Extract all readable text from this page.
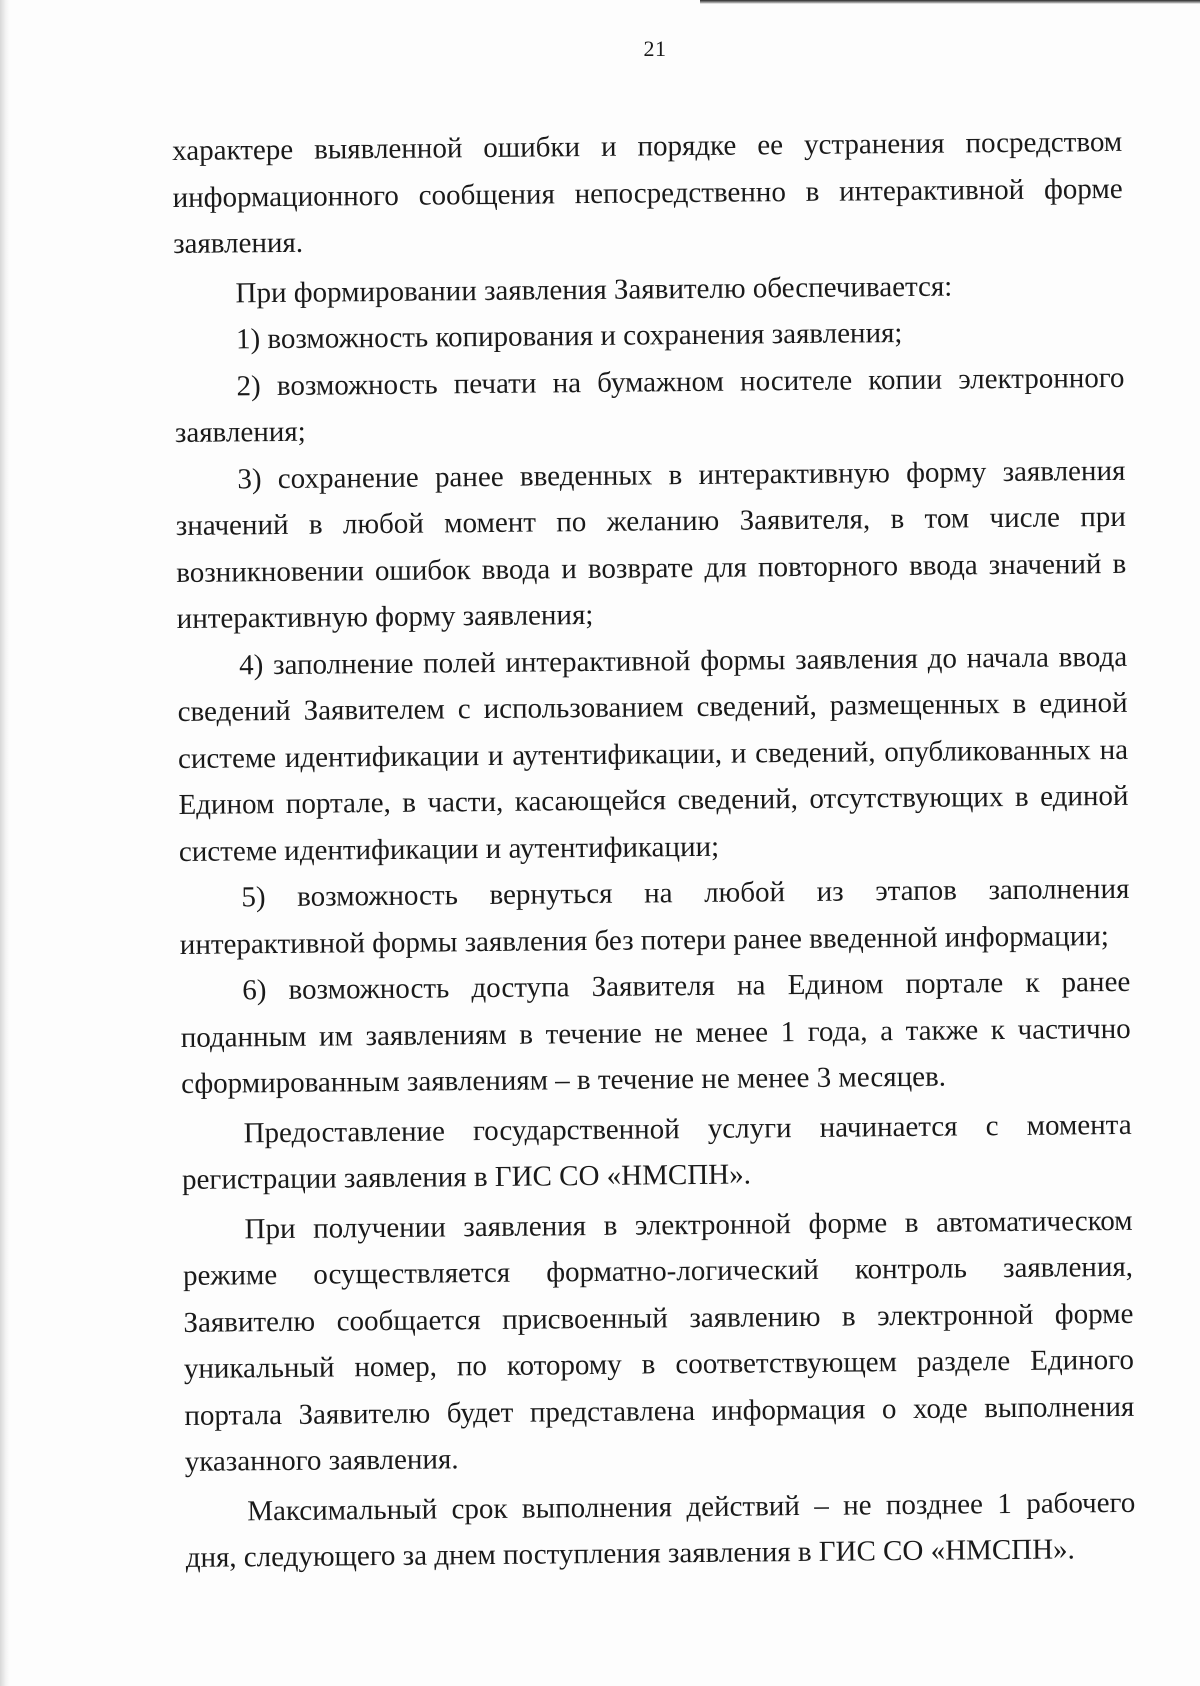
21

характере выявленной ошибки и порядке ее устранения посредством информационного сообщения непосредственно в интерактивной форме заявления.

При формировании заявления Заявителю обеспечивается:

1) возможность копирования и сохранения заявления;

2) возможность печати на бумажном носителе копии электронного заявления;

3) сохранение ранее введенных в интерактивную форму заявления значений в любой момент по желанию Заявителя, в том числе при возникновении ошибок ввода и возврате для повторного ввода значений в интерактивную форму заявления;

4) заполнение полей интерактивной формы заявления до начала ввода сведений Заявителем с использованием сведений, размещенных в единой системе идентификации и аутентификации, и сведений, опубликованных на Едином портале, в части, касающейся сведений, отсутствующих в единой системе идентификации и аутентификации;

5) возможность вернуться на любой из этапов заполнения интерактивной формы заявления без потери ранее введенной информации;

6) возможность доступа Заявителя на Едином портале к ранее поданным им заявлениям в течение не менее 1 года, а также к частично сформированным заявлениям – в течение не менее 3 месяцев.

Предоставление государственной услуги начинается с момента регистрации заявления в ГИС СО «НМСПН».

При получении заявления в электронной форме в автоматическом режиме осуществляется форматно-логический контроль заявления, Заявителю сообщается присвоенный заявлению в электронной форме уникальный номер, по которому в соответствующем разделе Единого портала Заявителю будет представлена информация о ходе выполнения указанного заявления.

Максимальный срок выполнения действий – не позднее 1 рабочего дня, следующего за днем поступления заявления в ГИС СО «НМСПН».
